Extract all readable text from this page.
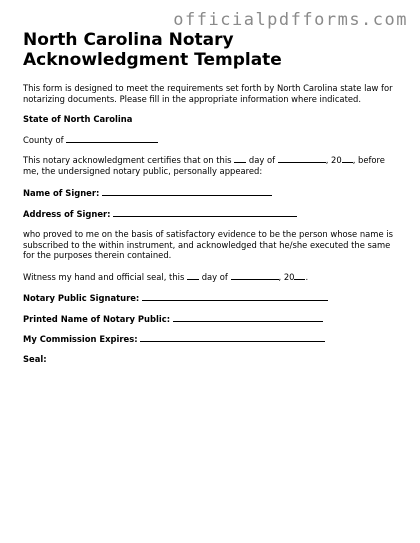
officialpdfforms.com
North Carolina Notary Acknowledgment Template

This form is designed to meet the requirements set forth by North Carolina state law for notarizing documents. Please fill in the appropriate information where indicated.

State of North Carolina

County of

This notary acknowledgment certifies that on this day of	, 20 , before me, the undersigned notary public, personally appeared:

Name of Signer:

Address of Signer:

who proved to me on the basis of satisfactory evidence to be the person whose name is subscribed to the within instrument, and acknowledged that he/she executed the same for the purposes therein contained.

Witness my hand and official seal, this day of	, 20 .

Notary Public Signature:

Printed Name of Notary Public:

My Commission Expires:

Seal:
